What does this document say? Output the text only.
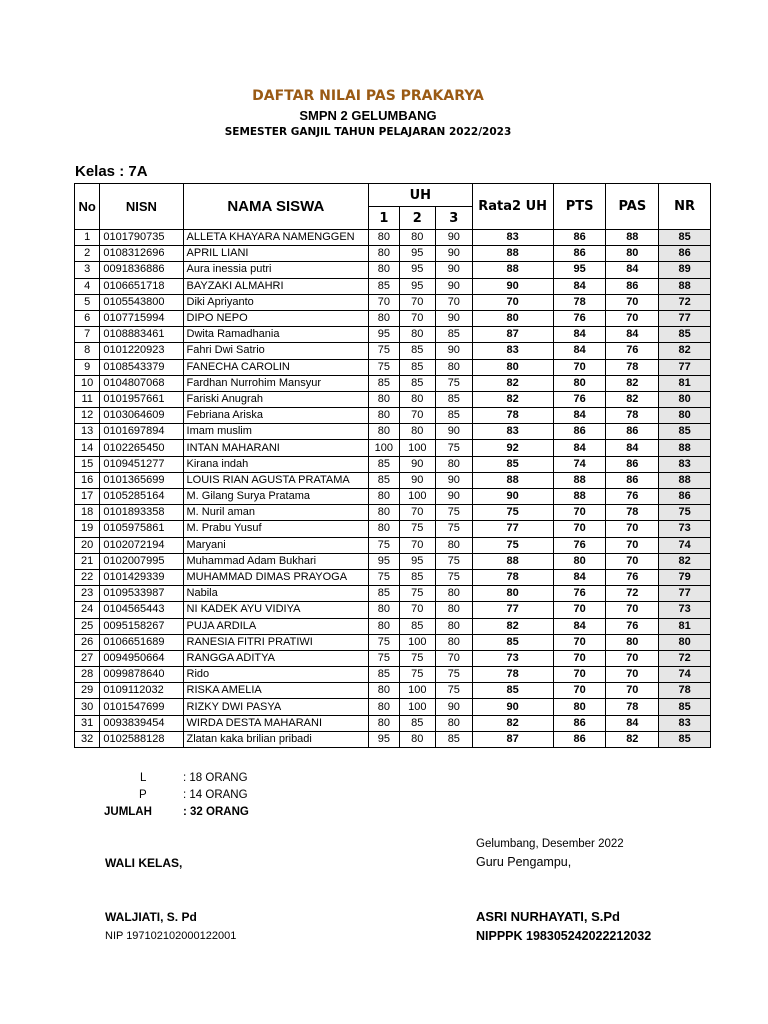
DAFTAR NILAI PAS PRAKARYA
SMPN 2 GELUMBANG
SEMESTER GANJIL TAHUN PELAJARAN 2022/2023
Kelas : 7A
No	NISN	NAMA SISWA	UH			Rata2 UH	PTS	PAS	NR
			1	2	3				
1	0101790735	ALLETA KHAYARA NAMENGGEN	80	80	90	83	86	88	85
2	0108312696	APRIL LIANI	80	95	90	88	86	80	86
3	0091836886	Aura inessia putri	80	95	90	88	95	84	89
4	0106651718	BAYZAKI ALMAHRI	85	95	90	90	84	86	88
5	0105543800	Diki Apriyanto	70	70	70	70	78	70	72
6	0107715994	DIPO NEPO	80	70	90	80	76	70	77
7	0108883461	Dwita Ramadhania	95	80	85	87	84	84	85
8	0101220923	Fahri Dwi Satrio	75	85	90	83	84	76	82
9	0108543379	FANECHA CAROLIN	75	85	80	80	70	78	77
10	0104807068	Fardhan Nurrohim Mansyur	85	85	75	82	80	82	81
11	0101957661	Fariski Anugrah	80	80	85	82	76	82	80
12	0103064609	Febriana Ariska	80	70	85	78	84	78	80
13	0101697894	Imam muslim	80	80	90	83	86	86	85
14	0102265450	INTAN MAHARANI	100	100	75	92	84	84	88
15	0109451277	Kirana indah	85	90	80	85	74	86	83
16	0101365699	LOUIS RIAN AGUSTA PRATAMA	85	90	90	88	88	86	88
17	0105285164	M. Gilang Surya Pratama	80	100	90	90	88	76	86
18	0101893358	M. Nuril aman	80	70	75	75	70	78	75
19	0105975861	M. Prabu Yusuf	80	75	75	77	70	70	73
20	0102072194	Maryani	75	70	80	75	76	70	74
21	0102007995	Muhammad Adam Bukhari	95	95	75	88	80	70	82
22	0101429339	MUHAMMAD DIMAS PRAYOGA	75	85	75	78	84	76	79
23	0109533987	Nabila	85	75	80	80	76	72	77
24	0104565443	NI KADEK AYU VIDIYA	80	70	80	77	70	70	73
25	0095158267	PUJA ARDILA	80	85	80	82	84	76	81
26	0106651689	RANESIA FITRI PRATIWI	75	100	80	85	70	80	80
27	0094950664	RANGGA ADITYA	75	75	70	73	70	70	72
28	0099878640	Rido	85	75	75	78	70	70	74
29	0109112032	RISKA AMELIA	80	100	75	85	70	70	78
30	0101547699	RIZKY DWI PASYA	80	100	90	90	80	78	85
31	0093839454	WIRDA DESTA MAHARANI	80	85	80	82	86	84	83
32	0102588128	Zlatan kaka brilian pribadi	95	80	85	87	86	82	85
L	: 18 ORANG
P	: 14 ORANG
JUMLAH	: 32 ORANG
Gelumbang, Desember 2022
Guru Pengampu,
WALI KELAS,
WALJIATI, S. Pd
NIP 197102102000122001
ASRI NURHAYATI, S.Pd
NIPPPK 198305242022212032
